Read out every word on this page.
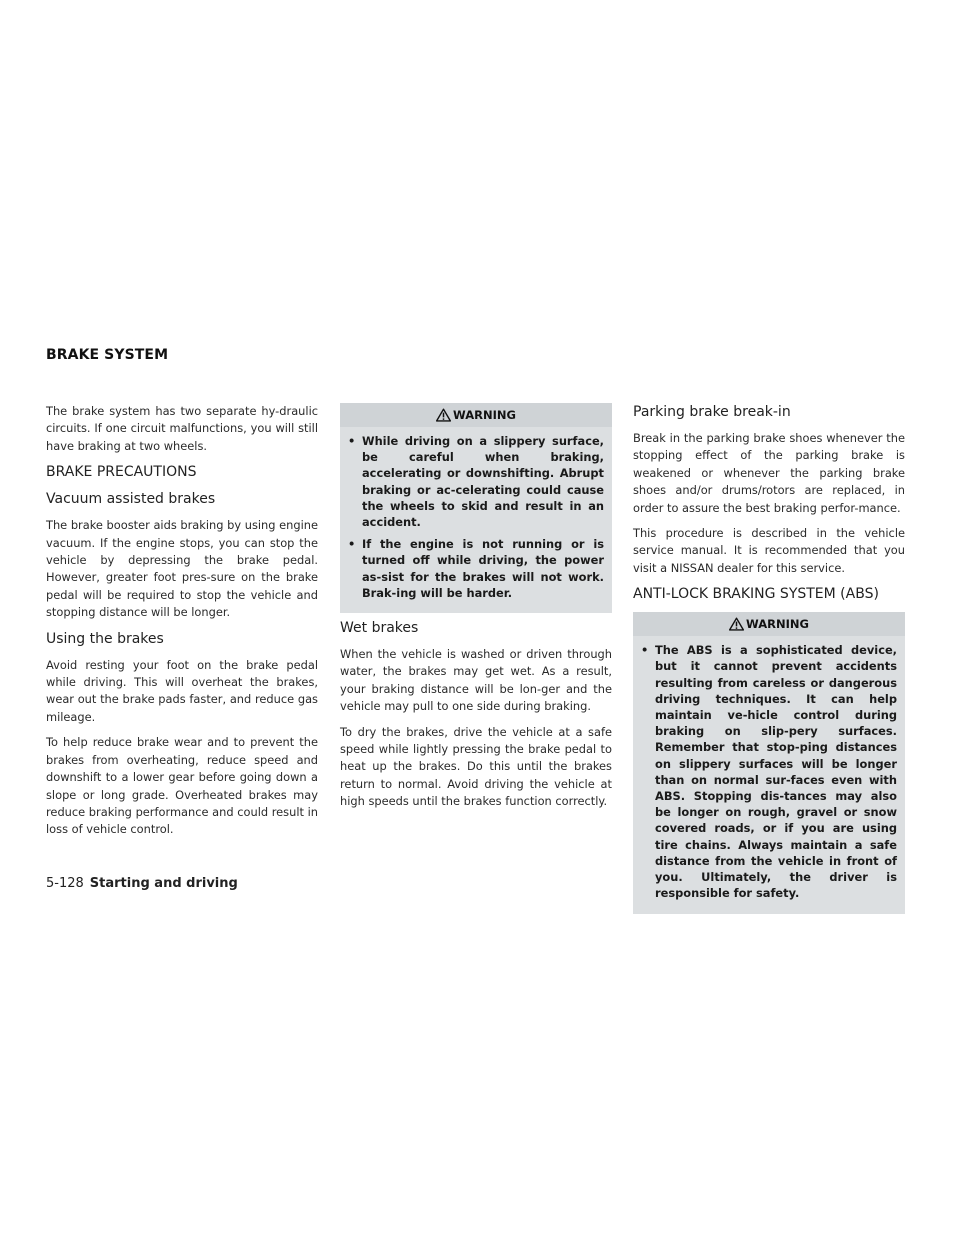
BRAKE SYSTEM

The brake system has two separate hy-draulic circuits. If one circuit malfunctions, you will still have braking at two wheels.

BRAKE PRECAUTIONS
Vacuum assisted brakes

The brake booster aids braking by using engine vacuum. If the engine stops, you can stop the vehicle by depressing the brake pedal. However, greater foot pres-sure on the brake pedal will be required to stop the vehicle and stopping distance will be longer.

Using the brakes

Avoid resting your foot on the brake pedal while driving. This will overheat the brakes, wear out the brake pads faster, and reduce gas mileage.

To help reduce brake wear and to prevent the brakes from overheating, reduce speed and downshift to a lower gear before going down a slope or long grade. Overheated brakes may reduce braking performance and could result in loss of vehicle control.

WARNING
• While driving on a slippery surface, be careful when braking, accelerating or downshifting. Abrupt braking or ac-celerating could cause the wheels to skid and result in an accident.
• If the engine is not running or is turned off while driving, the power as-sist for the brakes will not work. Brak-ing will be harder.
Wet brakes

When the vehicle is washed or driven through water, the brakes may get wet. As a result, your braking distance will be lon-ger and the vehicle may pull to one side during braking.

To dry the brakes, drive the vehicle at a safe speed while lightly pressing the brake pedal to heat up the brakes. Do this until the brakes return to normal. Avoid driving the vehicle at high speeds until the brakes function correctly.

Parking brake break-in

Break in the parking brake shoes whenever the stopping effect of the parking brake is weakened or whenever the parking brake shoes and/or drums/rotors are replaced, in order to assure the best braking perfor-mance.

This procedure is described in the vehicle service manual. It is recommended that you visit a NISSAN dealer for this service.

ANTI-LOCK BRAKING SYSTEM (ABS)
WARNING
• The ABS is a sophisticated device, but it cannot prevent accidents resulting from careless or dangerous driving techniques. It can help maintain ve-hicle control during braking on slip-pery surfaces. Remember that stop-ping distances on slippery surfaces will be longer than on normal sur-faces even with ABS. Stopping dis-tances may also be longer on rough, gravel or snow covered roads, or if you are using tire chains. Always maintain a safe distance from the vehicle in front of you. Ultimately, the driver is responsible for safety.
5-128 Starting and driving
